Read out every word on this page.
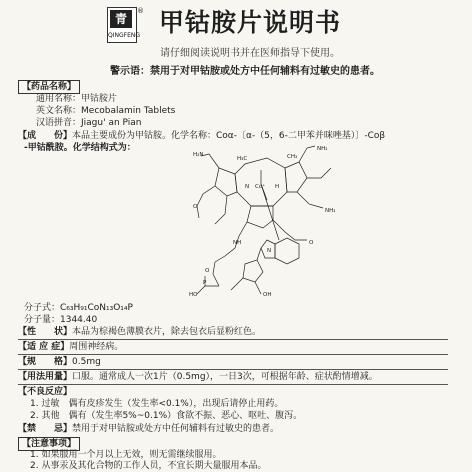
青
QINGFENG
® 甲钴胺片说明书
请仔细阅读说明书并在医师指导下使用。
警示语：禁用于对甲钴胺或处方中任何辅料有过敏史的患者。
【药品名称】
通用名称：甲钴胺片
英文名称：Mecobalamin Tablets
汉语拼音：Jiagu' an Pian
【成　　份】本品主要成份为甲钴胺。化学名称：Coα-〔α-（5，6-二甲苯并咪唑基）〕-Coβ
-甲钴酰胺。化学结构式为：
H₂N
O
H₃C
NH₂
CH₃
N Co⁺ H
NH₂
O
NH
HO
P
O
OH
N
分子式：C₆₃H₉₁CoN₁₃O₁₄P
分子量：1344.40
【性　　状】本品为棕褐色薄膜衣片，除去包衣后显粉红色。
【适 应 症】周围神经病。
【规　　格】0.5mg
【用法用量】口服。通常成人一次1片（0.5mg），一日3次，可根据年龄、症状酌情增减。
【不良反应】
1. 过敏　偶有皮疹发生（发生率<0.1%），出现后请停止用药。
2. 其他　偶有（发生率5%~0.1%）食欲不振、恶心、呕吐、腹泻。
【禁　　忌】禁用于对甲钴胺或处方中任何辅料有过敏史的患者。
【注意事项】
1. 如果服用一个月以上无效，则无需继续服用。
2. 从事汞及其化合物的工作人员，不宜长期大量服用本品。
